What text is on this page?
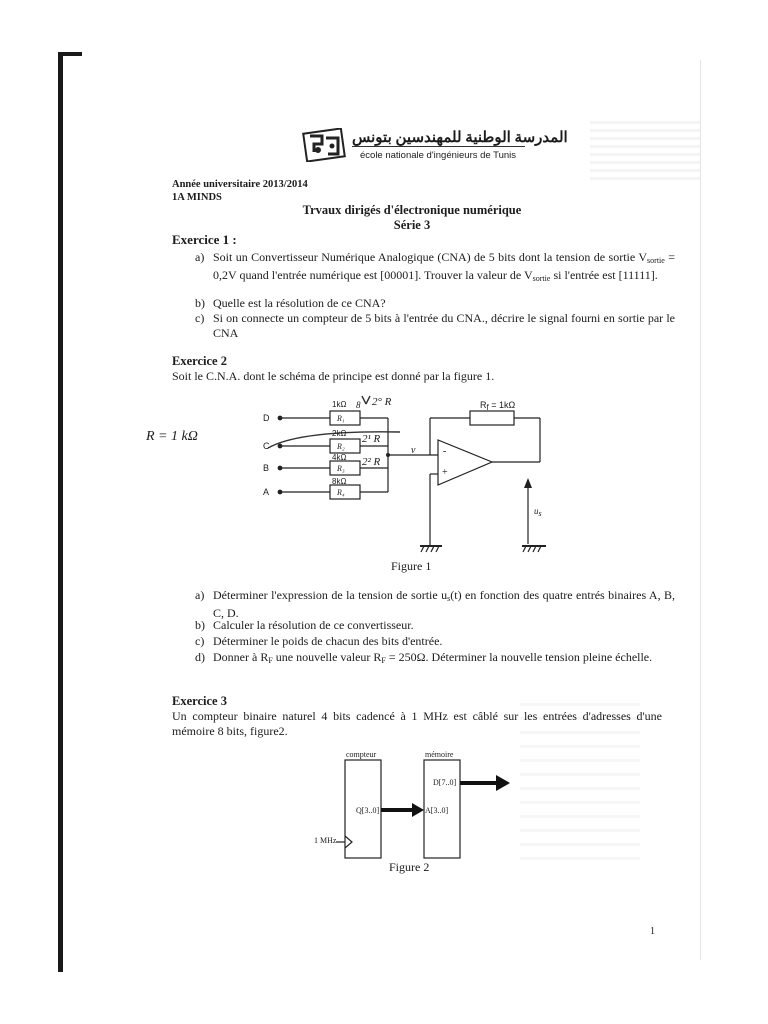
المدرسة الوطنية للمهندسين بتونس
école nationale d'ingénieurs de Tunis
Année universitaire 2013/2014
1A MINDS
Trvaux dirigés d'électronique numérique
Série 3
Exercice 1 :
a) Soit un Convertisseur Numérique Analogique (CNA) de 5 bits dont la tension de sortie $V_{sortie} = 0,2V$ quand l'entrée numérique est [00001]. Trouver la valeur de $V_{sortie}$ si l'entrée est [11111].
b) Quelle est la résolution de ce CNA?
c) Si on connecte un compteur de 5 bits à l'entrée du CNA., décrire le signal fourni en sortie par le CNA
Exercice 2
Soit le C.N.A. dont le schéma de principe est donné par la figure 1.
D
C
B
A
1kΩ
2kΩ
4kΩ
8kΩ
R₁
R₂
R₃
R₄
2° R
2¹ R
2² R
8
R = 1 kΩ
Rf = 1kΩ
v	-
+
us
Figure 1
a) Déterminer l'expression de la tension de sortie $u_s(t)$ en fonction des quatre entrés binaires A, B, C, D.
b) Calculer la résolution de ce convertisseur.
c) Déterminer le poids de chacun des bits d'entrée.
d) Donner à $R_F$ une nouvelle valeur $R_F = 250\Omega$. Déterminer la nouvelle tension pleine échelle.
Exercice 3
Un compteur binaire naturel 4 bits cadencé à 1 MHz est câblé sur les entrées d'adresses d'une mémoire 8 bits, figure2.
compteur	mémoire
Q[3..0]	A[3..0]
D[7..0]
1 MHz
Figure 2
1
